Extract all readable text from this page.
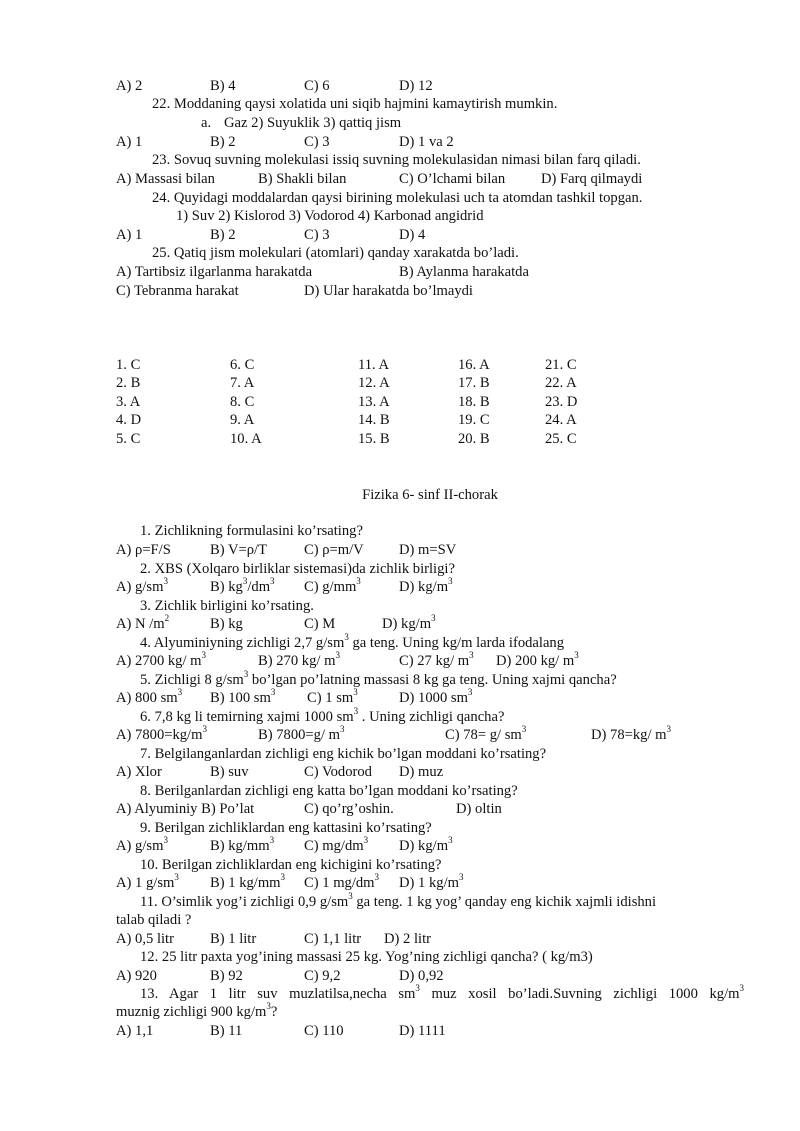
A) 2	B) 4	C) 6	D) 12
22. Moddaning qaysi xolatida uni siqib hajmini kamaytirish mumkin.
a. Gaz 2) Suyuklik 3) qattiq jism
A) 1	B) 2	C) 3	D) 1 va 2
23. Sovuq suvning molekulasi issiq suvning molekulasidan nimasi bilan farq qiladi.
A) Massasi bilan	B) Shakli bilan	C) O’lchami bilan D) Farq qilmaydi
24. Quyidagi moddalardan qaysi birining molekulasi uch ta atomdan tashkil topgan.
1) Suv 2) Kislorod 3) Vodorod 4) Karbonad angidrid
A) 1	B) 2	C) 3	D) 4
25. Qatiq jism molekulari (atomlari) qanday xarakatda bo’ladi.
A) Tartibsiz ilgarlanma harakatda	B) Aylanma harakatda
C) Tebranma harakat	D) Ular harakatda bo’lmaydi
1. C	6. C	11. A	16. A	21. C
2. B	7. A	12. A	17. B	22. A
3. A	8. C	13. A	18. B	23. D
4. D	9. A	14. B	19. C	24. A
5. C	10. A	15. B	20. B	25. C
Fizika 6- sinf II-chorak
1. Zichlikning formulasini ko’rsating?
A) ρ=F/S	B) V=ρ/T	C) ρ=m/V D) m=SV
2. XBS (Xolqaro birliklar sistemasi)da zichlik birligi?
A) $g/sm^3$	B) $kg^3/dm^3$ C) $g/mm^3$	D) $kg/m^3$
3. Zichlik birligini ko’rsating.
A) N $/m^2$	B) kg	C) M	D) $kg/m^3$
4. Alyuminiyning zichligi 2,7 $g/sm^3$ ga teng. Uning kg/m larda ifodalang
A) 2700 kg/ $m^3$	B) 270 kg/ $m^3$	C) 27 kg/ $m^3$ D) 200 kg/ $m^3$
5. Zichligi 8 $g/sm^3$ bo’lgan po’latning massasi 8 kg ga teng. Uning xajmi qancha?
A) 800 $sm^3$ B) 100 $sm^3$ C) 1 $sm^3$	D) 1000 $sm^3$
6. 7,8 kg li temirning xajmi 1000 $sm^3$ . Uning zichligi qancha?
A) $7800=kg/m^3$	B) 7800=g/ $m^3$	C) 78= g/ $sm^3$	D) 78=kg/ $m^3$
7. Belgilanganlardan zichligi eng kichik bo’lgan moddani ko’rsating?
A) Xlor	B) suv	C) Vodorod D) muz
8. Berilganlardan zichligi eng katta bo’lgan moddani ko’rsating?
A) Alyuminiy B) Po’lat	C) qo’rg’oshin.	D) oltin
9. Berilgan zichliklardan eng kattasini ko’rsating?
A) $g/sm^3$	B) $kg/mm^3$ C) $mg/dm^3$ D) $kg/m^3$
10. Berilgan zichliklardan eng kichigini ko’rsating?
A) 1 $g/sm^3$ B) 1 $kg/mm^3$ C) 1 $mg/dm^3$ D) 1 $kg/m^3$
11. O’simlik yog’i zichligi 0,9 $g/sm^3$ ga teng. 1 kg yog’ qanday eng kichik xajmli idishni
talab qiladi ?
A) 0,5 litr B) 1 litr	C) 1,1 litr D) 2 litr
12. 25 litr paxta yog’ining massasi 25 kg. Yog’ning zichligi qancha? ( kg/m3)
A) 920	B) 92	C) 9,2	D) 0,92
13. Agar 1 litr suv muzlatilsa,necha $sm^3$ muz xosil bo’ladi.Suvning zichligi 1000 $kg/m^3$
muznig zichligi 900 $kg/m^3$?
A) 1,1	B) 11	C) 110	D) 1111
